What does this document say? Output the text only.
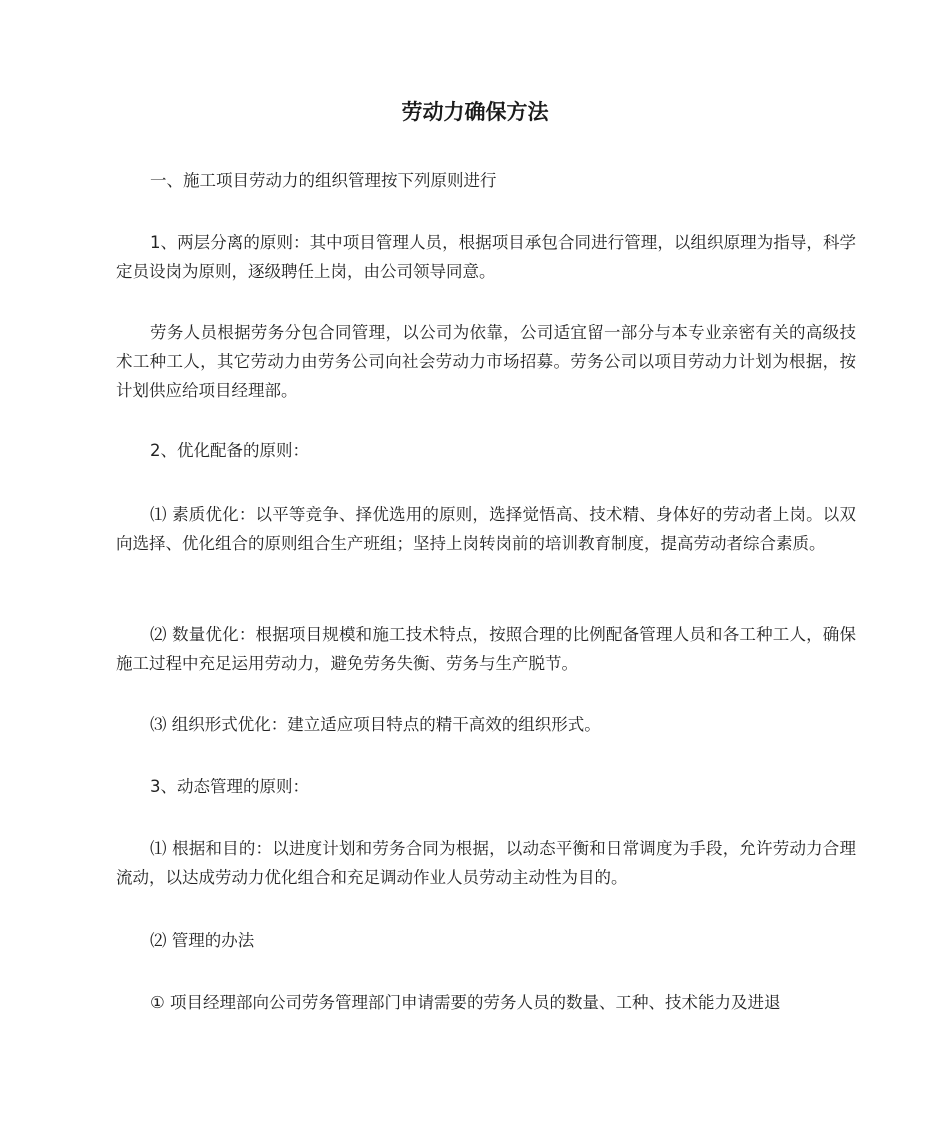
劳动力确保方法

一、施工项目劳动力的组织管理按下列原则进行

1、两层分离的原则：其中项目管理人员，根据项目承包合同进行管理，以组织原理为指导，科学定员设岗为原则，逐级聘任上岗，由公司领导同意。

劳务人员根据劳务分包合同管理，以公司为依靠，公司适宜留一部分与本专业亲密有关的高级技术工种工人，其它劳动力由劳务公司向社会劳动力市场招募。劳务公司以项目劳动力计划为根据，按计划供应给项目经理部。

2、优化配备的原则：

⑴ 素质优化：以平等竞争、择优选用的原则，选择觉悟高、技术精、身体好的劳动者上岗。以双向选择、优化组合的原则组合生产班组；坚持上岗转岗前的培训教育制度，提高劳动者综合素质。

⑵ 数量优化：根据项目规模和施工技术特点，按照合理的比例配备管理人员和各工种工人，确保施工过程中充足运用劳动力，避免劳务失衡、劳务与生产脱节。

⑶ 组织形式优化：建立适应项目特点的精干高效的组织形式。

3、动态管理的原则：

⑴ 根据和目的：以进度计划和劳务合同为根据，以动态平衡和日常调度为手段，允许劳动力合理流动，以达成劳动力优化组合和充足调动作业人员劳动主动性为目的。

⑵ 管理的办法

① 项目经理部向公司劳务管理部门申请需要的劳务人员的数量、工种、技术能力及进退
